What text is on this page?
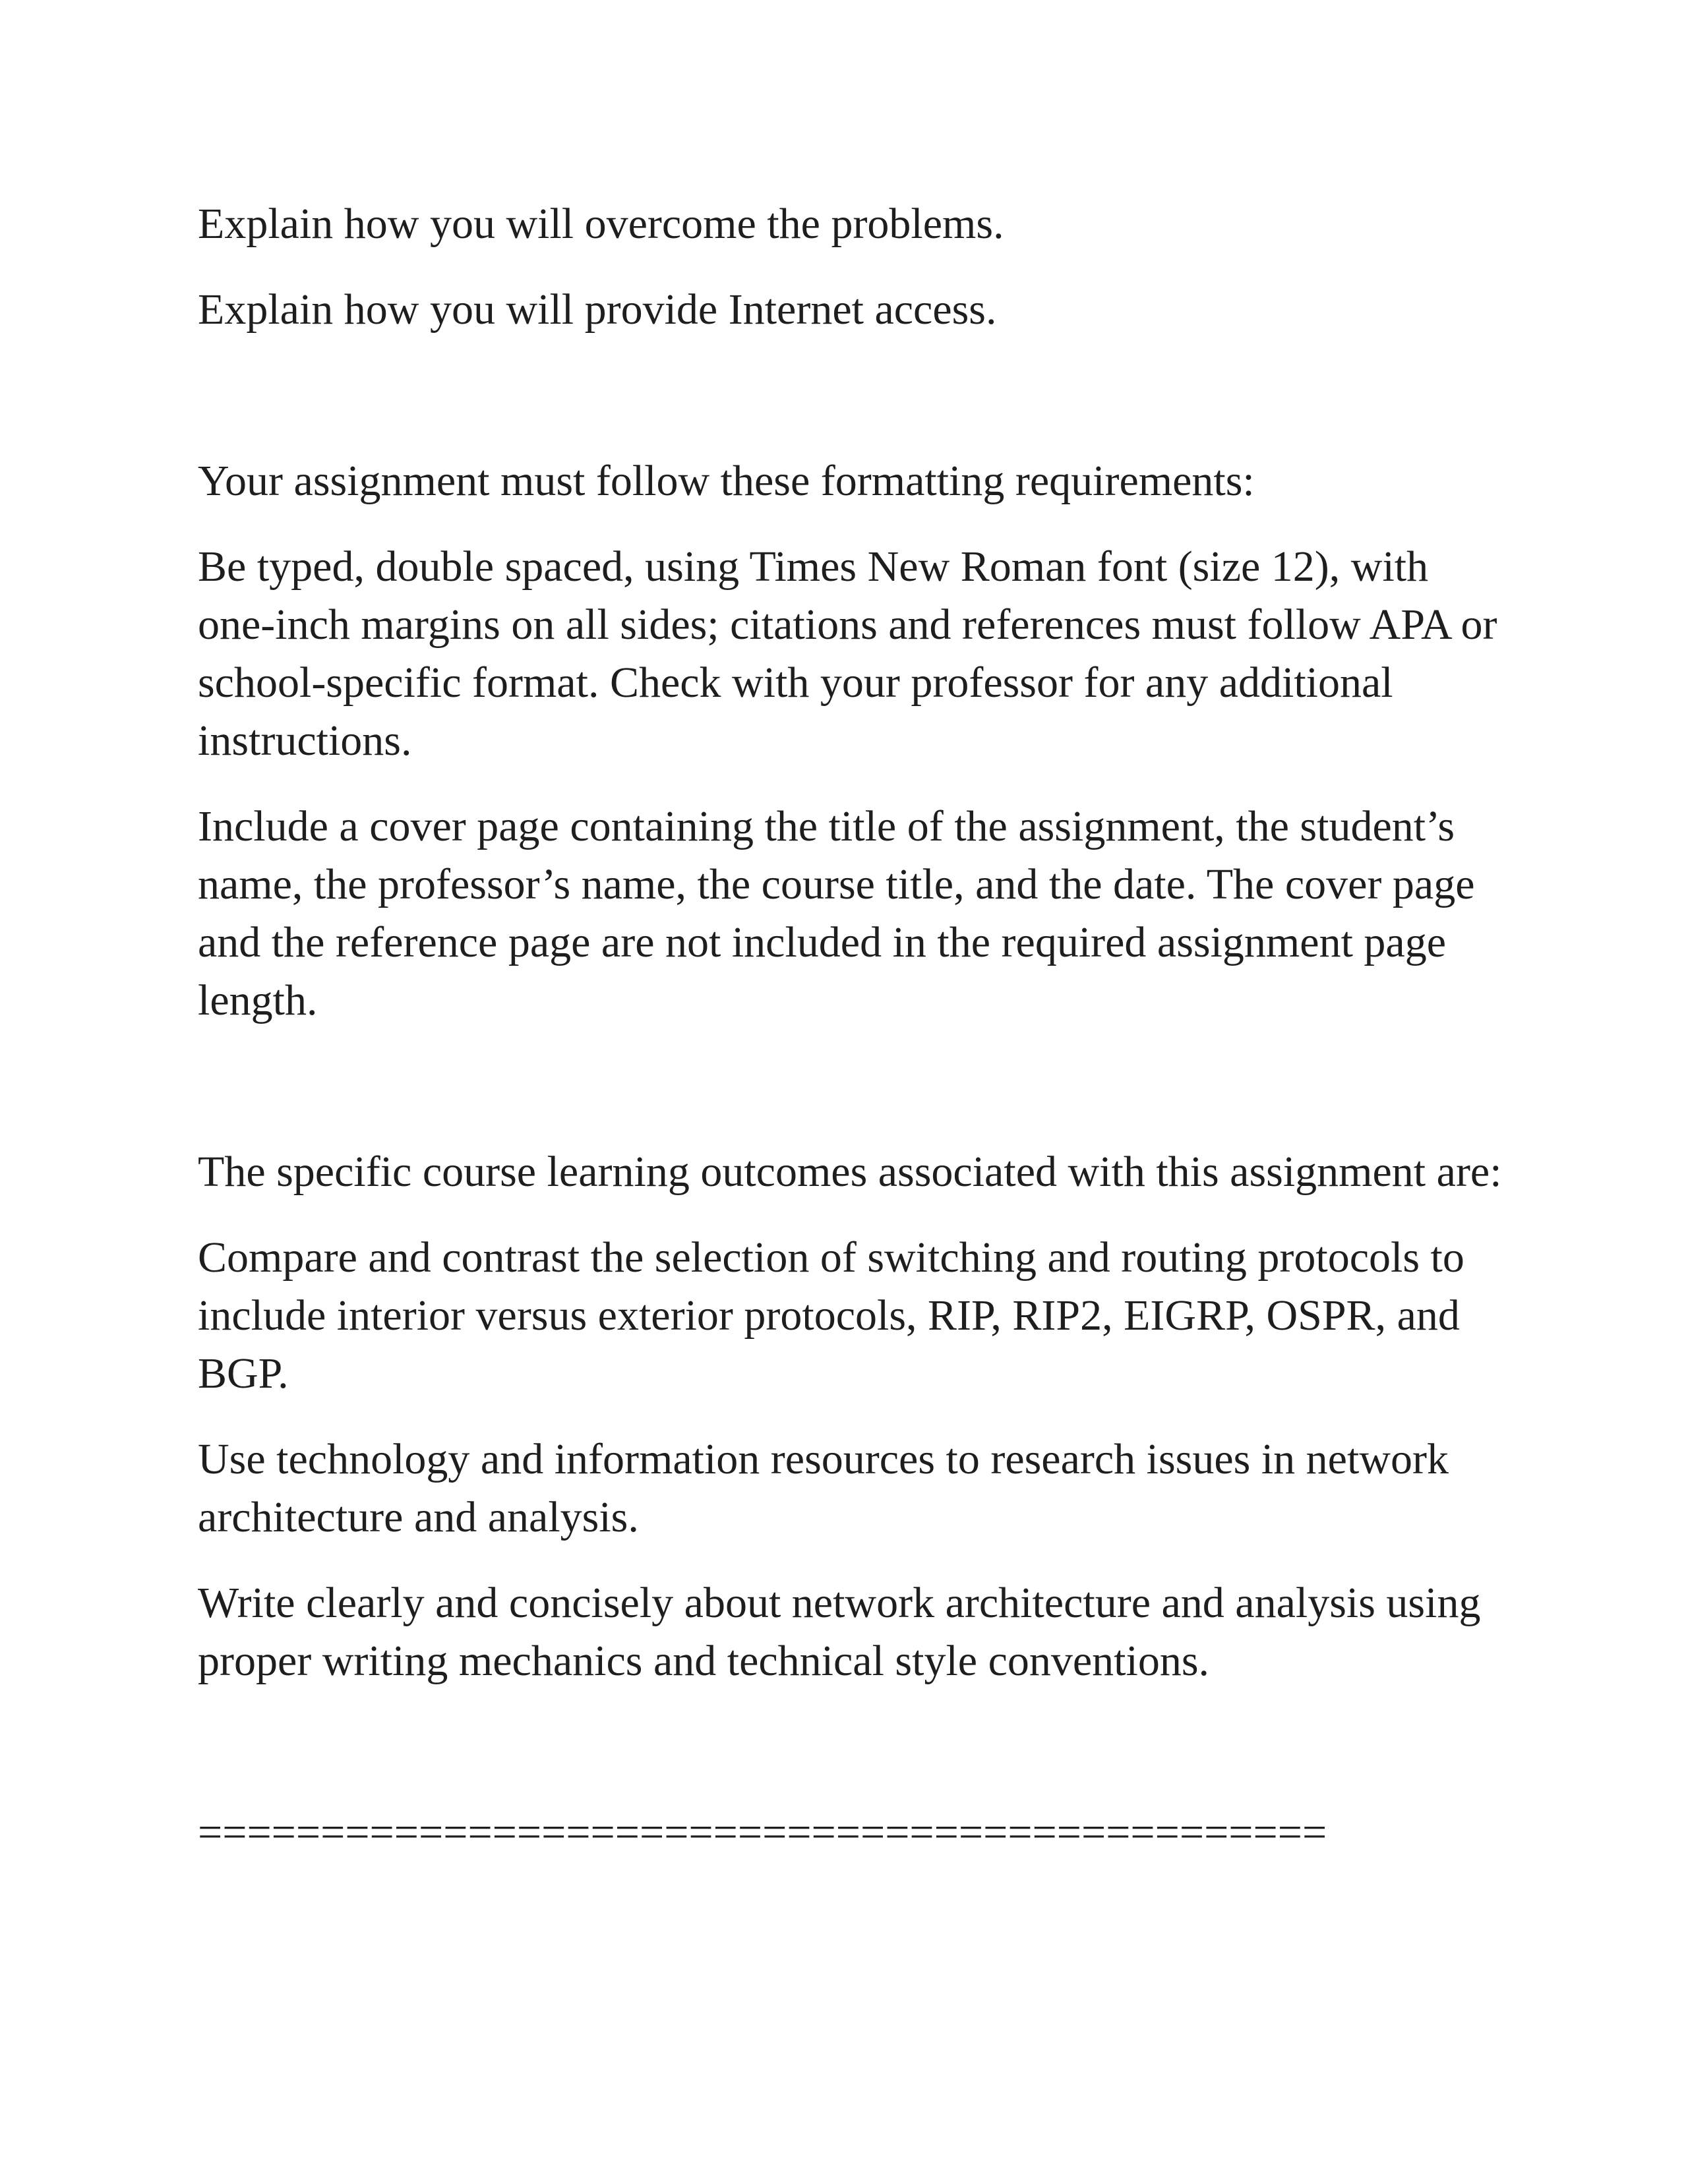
Explain how you will overcome the problems.

Explain how you will provide Internet access.

Your assignment must follow these formatting requirements:

Be typed, double spaced, using Times New Roman font (size 12), with one-inch margins on all sides; citations and references must follow APA or school-specific format. Check with your professor for any additional instructions.

Include a cover page containing the title of the assignment, the student’s name, the professor’s name, the course title, and the date. The cover page and the reference page are not included in the required assignment page length.

The specific course learning outcomes associated with this assignment are:

Compare and contrast the selection of switching and routing protocols to include interior versus exterior protocols, RIP, RIP2, EIGRP, OSPR, and BGP.

Use technology and information resources to research issues in network architecture and analysis.

Write clearly and concisely about network architecture and analysis using proper writing mechanics and technical style conventions.

==============================================
